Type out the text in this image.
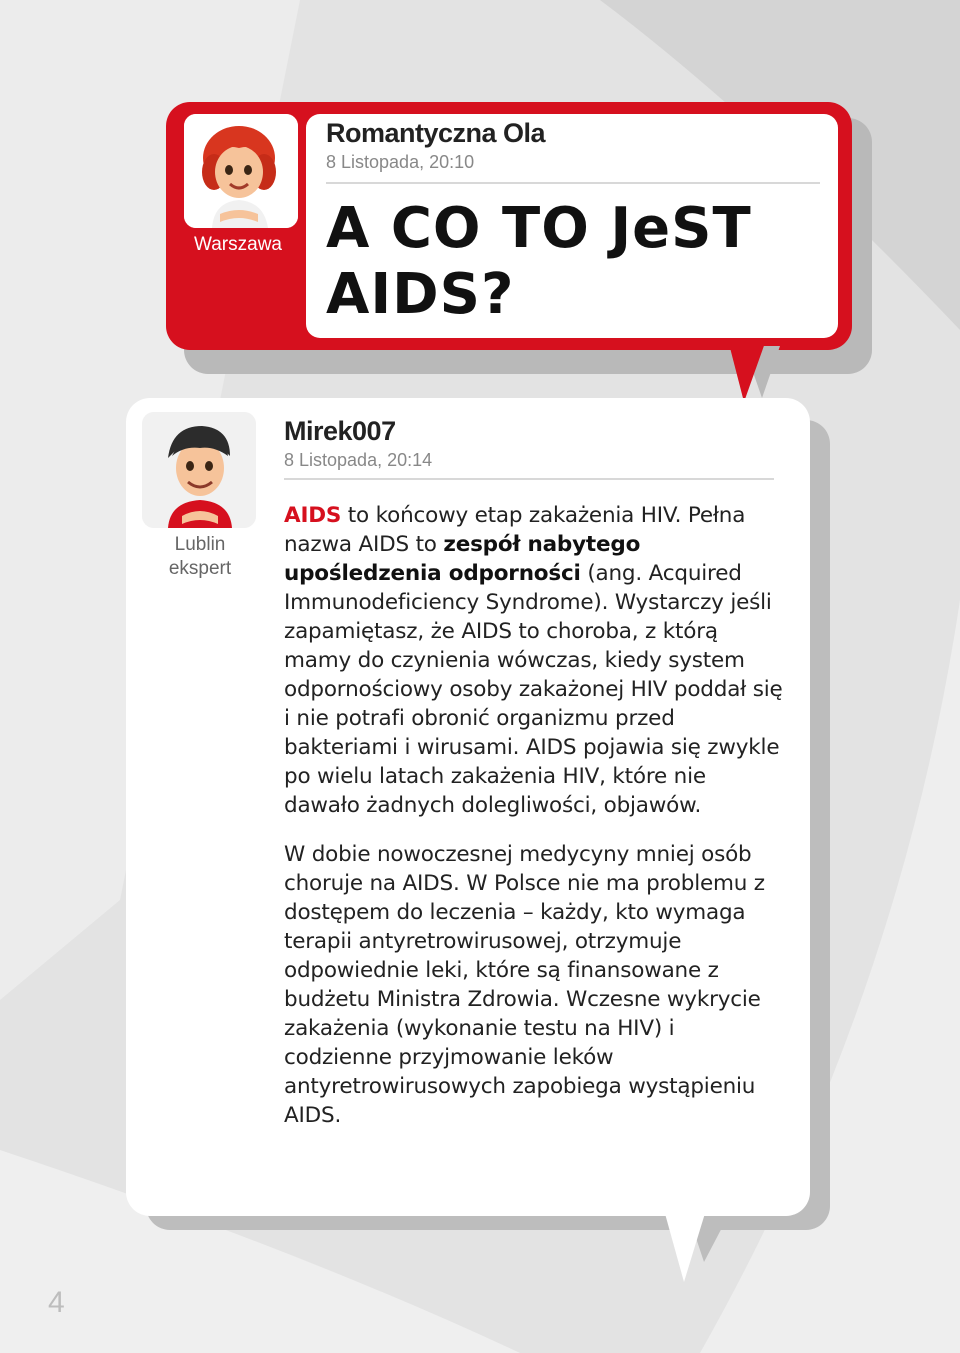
Warszawa
Romantyczna Ola
8 Listopada, 20:10
A CO TO JeST AIDS?
Lublin
ekspert
Mirek007
8 Listopada, 20:14

AIDS to końcowy etap zakażenia HIV. Pełna nazwa AIDS to zespół nabytego upośledzenia odporności (ang. Acquired Immunodeficiency Syndrome). Wystarczy jeśli zapamiętasz, że AIDS to choroba, z którą mamy do czynienia wówczas, kiedy system odpornościowy osoby zakażonej HIV poddał się i nie potrafi obronić organizmu przed bakteriami i wirusami. AIDS pojawia się zwykle po wielu latach zakażenia HIV, które nie dawało żadnych dolegliwości, objawów.

W dobie nowoczesnej medycyny mniej osób choruje na AIDS. W Polsce nie ma problemu z dostępem do leczenia – każdy, kto wymaga terapii antyretrowirusowej, otrzymuje odpowiednie leki, które są finansowane z budżetu Ministra Zdrowia. Wczesne wykrycie zakażenia (wykonanie testu na HIV) i codzienne przyjmowanie leków antyretrowirusowych zapobiega wystąpieniu AIDS.

4
